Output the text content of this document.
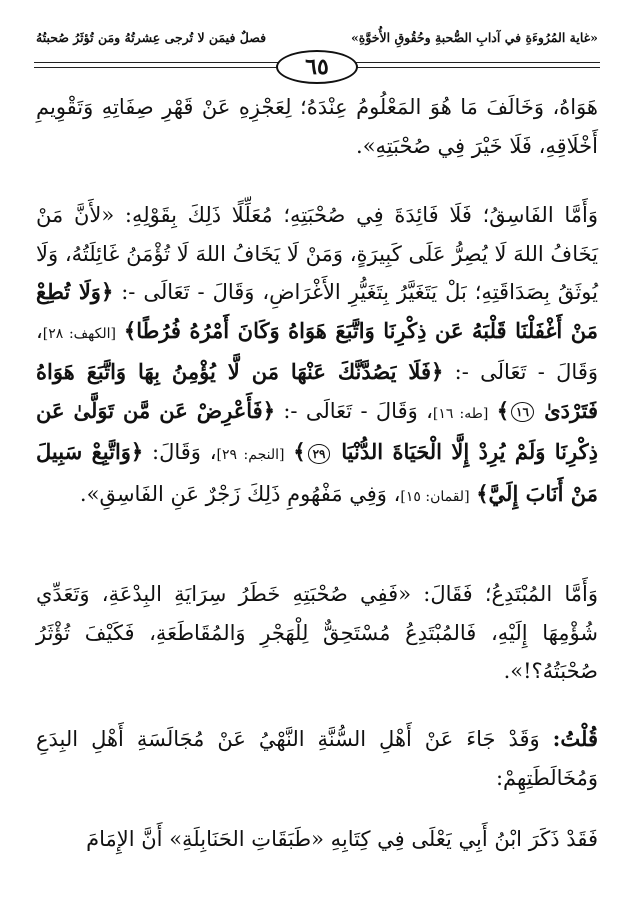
«غاية المُرُوءَةِ في آدابِ الصُّحبةِ وحُقُوقِ الأُخوَّةِ»
فصلٌ فيمَن لا تُرجى عِشرتُهُ ومَن تُؤثَرُ صُحبتُهُ
٦٥

هَوَاهُ، وَخَالَفَ مَا هُوَ المَعْلُومُ عِنْدَهُ؛ لِعَجْزِهِ عَنْ قَهْرِ صِفَاتِهِ وَتَقْوِيمِ أَخْلَاقِهِ، فَلَا خَيْرَ فِي صُحْبَتِهِ».

وَأَمَّا الفَاسِقُ؛ فَلَا فَائِدَةَ فِي صُحْبَتِهِ؛ مُعَلِّلًا ذَلِكَ بِقَوْلِهِ: «لأَنَّ مَنْ يَخَافُ اللهَ لَا يُصِرُّ عَلَى كَبِيرَةٍ، وَمَنْ لَا يَخَافُ اللهَ لَا تُؤْمَنُ غَائِلَتُهُ، وَلَا يُوثَقُ بِصَدَاقَتِهِ؛ بَلْ يَتَغَيَّرُ بِتَغَيُّرِ الأَغْرَاضِ، وَقَالَ - تَعَالَى -: ﴿وَلَا تُطِعْ مَنْ أَغْفَلْنَا قَلْبَهُ عَن ذِكْرِنَا وَاتَّبَعَ هَوَاهُ وَكَانَ أَمْرُهُ فُرُطًا﴾ [الكهف: ٢٨]، وَقَالَ - تَعَالَى -: ﴿فَلَا يَصُدَّنَّكَ عَنْهَا مَن لَّا يُؤْمِنُ بِهَا وَاتَّبَعَ هَوَاهُ فَتَرْدَىٰ ١٦﴾ [طه: ١٦]، وَقَالَ - تَعَالَى -: ﴿فَأَعْرِضْ عَن مَّن تَوَلَّىٰ عَن ذِكْرِنَا وَلَمْ يُرِدْ إِلَّا الْحَيَاةَ الدُّنْيَا ٢٩﴾ [النجم: ٢٩]، وَقَالَ: ﴿وَاتَّبِعْ سَبِيلَ مَنْ أَنَابَ إِلَيَّ﴾ [لقمان: ١٥]، وَفِي مَفْهُومِ ذَلِكَ زَجْرٌ عَنِ الفَاسِقِ».

وَأَمَّا المُبْتَدِعُ؛ فَقَالَ: «فَفِي صُحْبَتِهِ خَطَرُ سِرَايَةِ البِدْعَةِ، وَتَعَدِّي شُؤْمِهَا إِلَيْهِ، فَالمُبْتَدِعُ مُسْتَحِقٌّ لِلْهَجْرِ وَالمُقَاطَعَةِ، فَكَيْفَ تُؤْثَرُ صُحْبَتُهُ؟!».

قُلْتُ: وَقَدْ جَاءَ عَنْ أَهْلِ السُّنَّةِ النَّهْيُ عَنْ مُجَالَسَةِ أَهْلِ البِدَعِ وَمُخَالَطَتِهِمْ:

فَقَدْ ذَكَرَ ابْنُ أَبِي يَعْلَى فِي كِتَابِهِ «طَبَقَاتِ الحَنَابِلَةِ» أَنَّ الإِمَامَ
